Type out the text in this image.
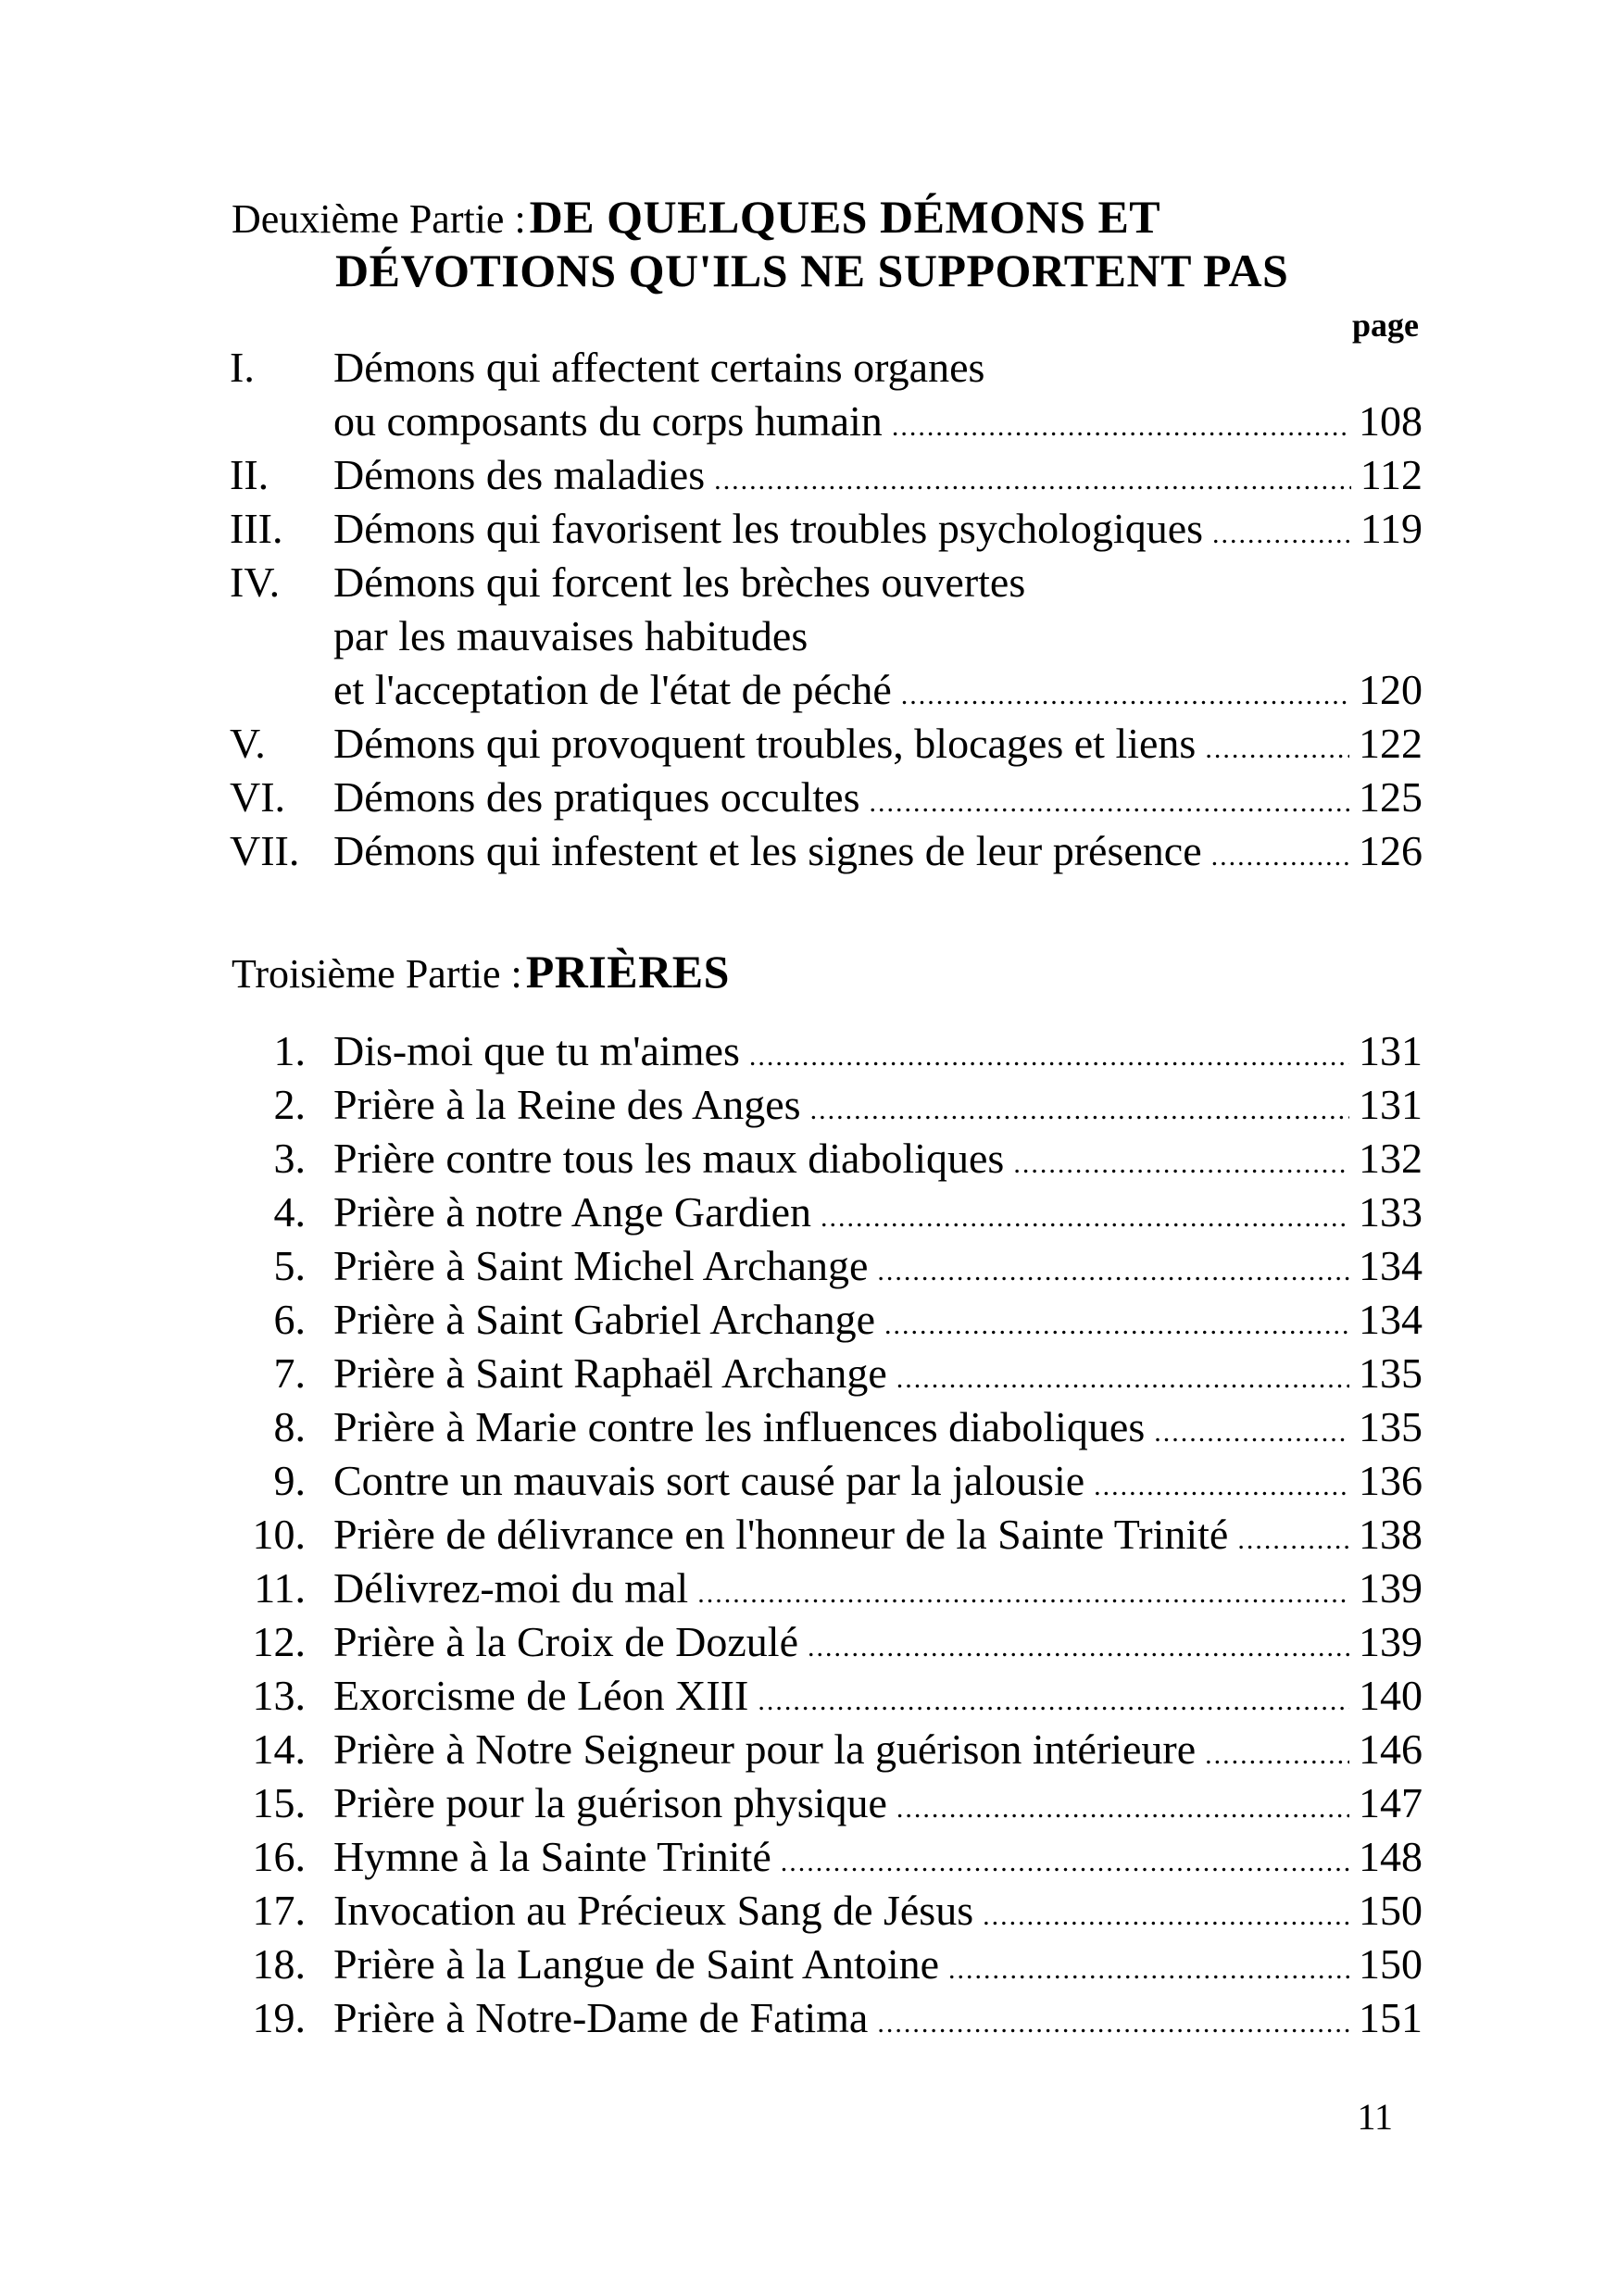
Deuxième Partie : DE QUELQUES DÉMONS ET
DÉVOTIONS QU'ILS NE SUPPORTENT PAS
page
I.	Démons qui affectent certains organes
ou composants du corps humain .....	108
II.	Démons des maladies .....	112
III.	Démons qui favorisent les troubles psychologiques .....	119
IV.	Démons qui forcent les brèches ouvertes
par les mauvaises habitudes
et l'acceptation de l'état de péché .....	120
V.	Démons qui provoquent troubles, blocages et liens .....	122
VI.	Démons des pratiques occultes .....	125
VII. Démons qui infestent et les signes de leur présence .....	126
Troisième Partie : PRIÈRES
1. Dis-moi que tu m'aimes .....	131
2. Prière à la Reine des Anges .....	131
3. Prière contre tous les maux diaboliques .....	132
4. Prière à notre Ange Gardien .....	133
5. Prière à Saint Michel Archange .....	134
6. Prière à Saint Gabriel Archange .....	134
7. Prière à Saint Raphaël Archange .....	135
8. Prière à Marie contre les influences diaboliques .....	135
9. Contre un mauvais sort causé par la jalousie .....	136
10. Prière de délivrance en l'honneur de la Sainte Trinité .....	138
11. Délivrez-moi du mal .....	139
12. Prière à la Croix de Dozulé .....	139
13. Exorcisme de Léon XIII .....	140
14. Prière à Notre Seigneur pour la guérison intérieure .....	146
15. Prière pour la guérison physique .....	147
16. Hymne à la Sainte Trinité .....	148
17. Invocation au Précieux Sang de Jésus .....	150
18. Prière à la Langue de Saint Antoine .....	150
19. Prière à Notre-Dame de Fatima .....	151
11
